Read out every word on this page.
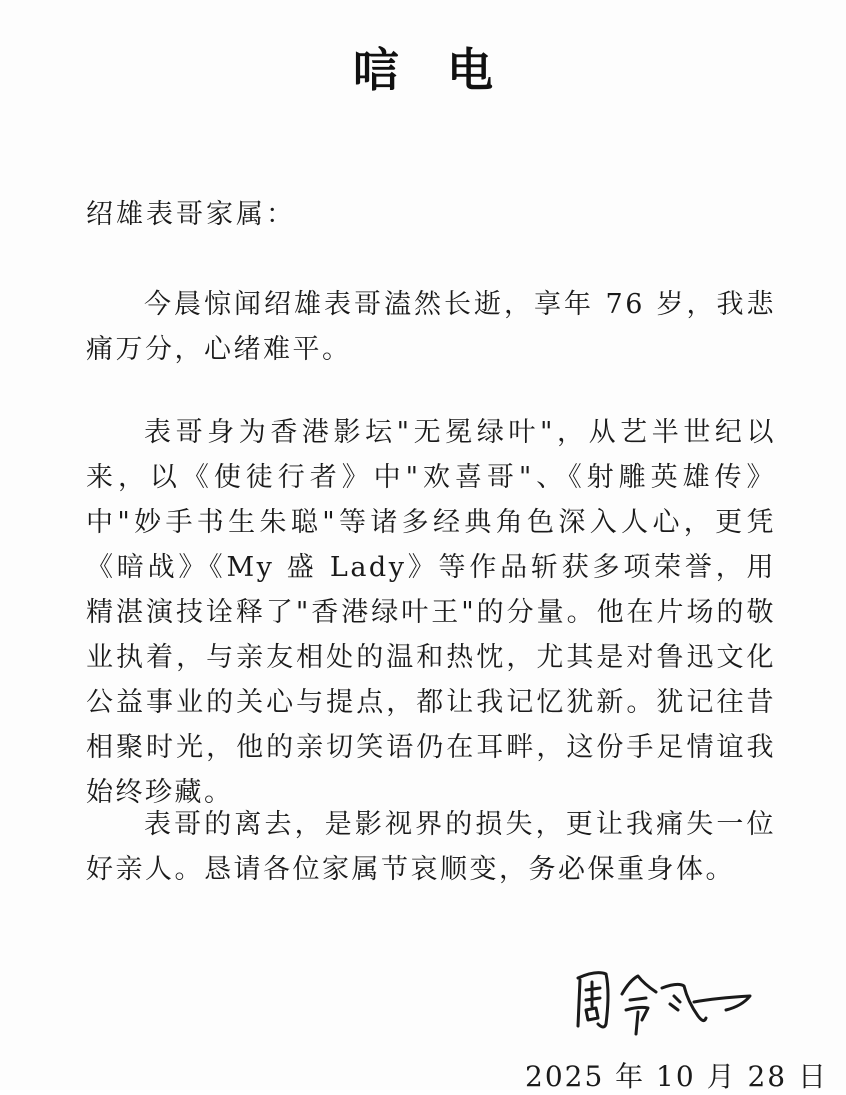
唁电
绍雄表哥家属：

今晨惊闻绍雄表哥溘然长逝，享年 76 岁，我悲痛万分，心绪难平。

表哥身为香港影坛"无冕绿叶"，从艺半世纪以来，以《使徒行者》中"欢喜哥"、《射雕英雄传》中"妙手书生朱聪"等诸多经典角色深入人心，更凭《暗战》《My 盛 Lady》等作品斩获多项荣誉，用精湛演技诠释了"香港绿叶王"的分量。他在片场的敬业执着，与亲友相处的温和热忱，尤其是对鲁迅文化公益事业的关心与提点，都让我记忆犹新。犹记往昔相聚时光，他的亲切笑语仍在耳畔，这份手足情谊我始终珍藏。

表哥的离去，是影视界的损失，更让我痛失一位好亲人。恳请各位家属节哀顺变，务必保重身体。

2025 年 10 月 28 日
